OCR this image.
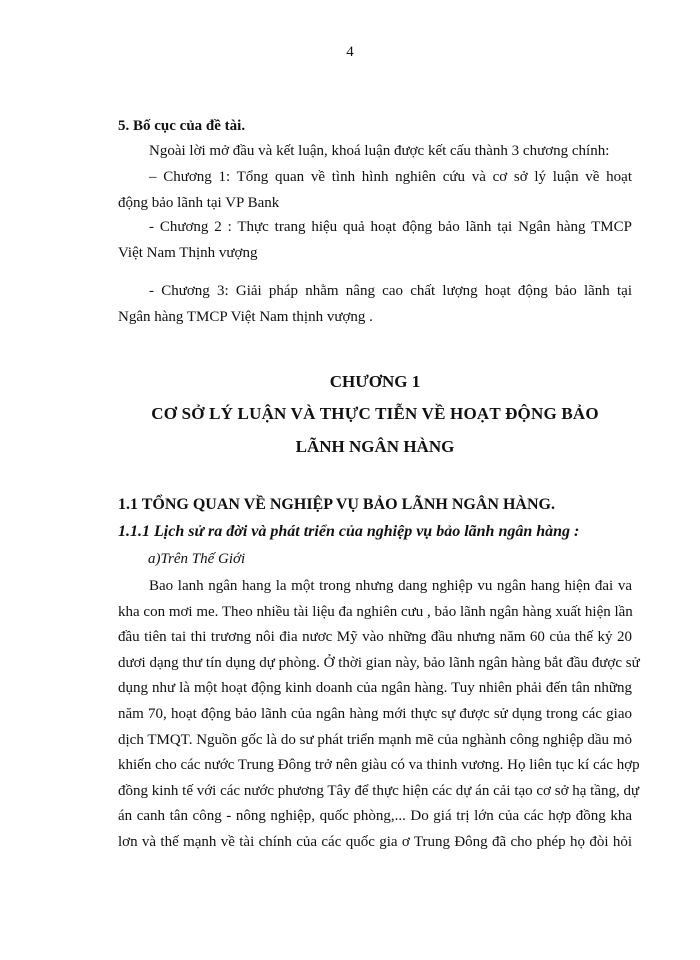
4
5. Bố cục của đề tài.
Ngoài lời mở đầu và kết luận, khoá luận được kết cấu thành 3 chương chính:
– Chương 1: Tổng quan về tình hình nghiên cứu và cơ sở lý luận về hoạt
động bảo lãnh tại VP Bank
- Chương 2 : Thực trang hiệu quả hoạt động bảo lãnh tại Ngân hàng TMCP
Việt Nam Thịnh vượng
- Chương 3: Giải pháp nhằm nâng cao chất lượng hoạt động bảo lãnh tại
Ngân hàng TMCP Việt Nam thịnh vượng .
CHƯƠNG 1
CƠ SỞ LÝ LUẬN VÀ THỰC TIỄN VỀ HOẠT ĐỘNG BẢO
LÃNH NGÂN HÀNG
1.1 TỔNG QUAN VỀ NGHIỆP VỤ BẢO LÃNH NGÂN HÀNG.
1.1.1 Lịch sử ra đời và phát triển của nghiệp vụ bảo lãnh ngân hàng :
a)Trên Thế Giới
Bao lanh ngân hang la một trong nhưng dang nghiệp vu ngân hang hiện đai va
kha con mơi me. Theo nhiều tài liệu đa nghiên cưu , bảo lãnh ngân hàng xuất hiện lần
đầu tiên tai thi trương nôi đia nươc Mỹ vào những đầu nhưng năm 60 của thế kỷ 20
dươi dạng thư tín dụng dự phòng. Ở thời gian này, bảo lãnh ngân hàng bắt đầu được sử
dụng như là một hoạt động kinh doanh của ngân hàng. Tuy nhiên phải đến tân những
năm 70, hoạt động bảo lãnh của ngân hàng mới thực sự được sử dụng trong các giao
dịch TMQT. Nguồn gốc là do sư phát triển mạnh mẽ của nghành công nghiệp dầu mỏ
khiến cho các nước Trung Đông trở nên giàu có va thinh vương. Họ liên tục kí các hợp
đồng kinh tế với các nước phương Tây để thực hiện các dự án cải tạo cơ sở hạ tầng, dự
án canh tân công - nông nghiệp, quốc phòng,... Do giá trị lớn của các hợp đồng kha
lơn và thế mạnh về tài chính của các quốc gia ơ Trung Đông đã cho phép họ đòi hỏi
